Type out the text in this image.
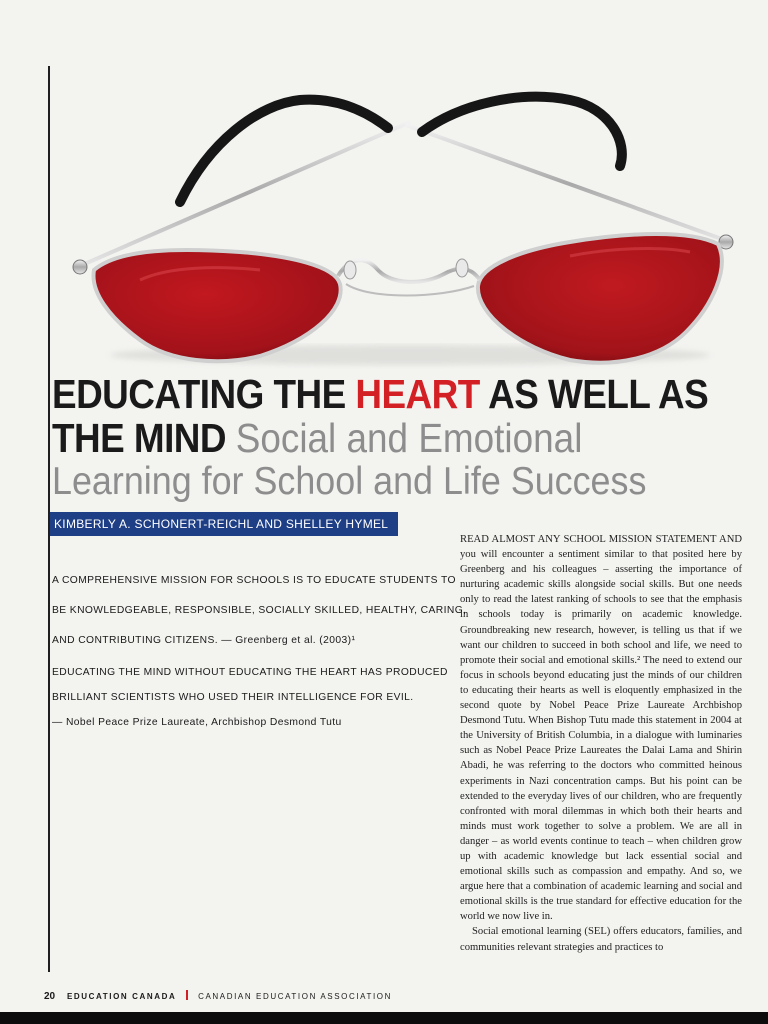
EDUCATING THE HEART AS WELL AS
THE MIND Social and Emotional
Learning for School and Life Success
KIMBERLY A. SCHONERT-REICHL AND SHELLEY HYMEL
A COMPREHENSIVE MISSION FOR SCHOOLS IS TO EDUCATE STUDENTS TO
BE KNOWLEDGEABLE, RESPONSIBLE, SOCIALLY SKILLED, HEALTHY, CARING,
AND CONTRIBUTING CITIZENS. — Greenberg et al. (2003)¹
EDUCATING THE MIND WITHOUT EDUCATING THE HEART HAS PRODUCED
BRILLIANT SCIENTISTS WHO USED THEIR INTELLIGENCE FOR EVIL.
— Nobel Peace Prize Laureate, Archbishop Desmond Tutu

READ ALMOST ANY SCHOOL MISSION STATEMENT AND you will encounter a sentiment similar to that posited here by Greenberg and his colleagues – asserting the importance of nurturing academic skills alongside social skills. But one needs only to read the latest ranking of schools to see that the emphasis in schools today is primarily on academic knowledge. Groundbreaking new research, however, is telling us that if we want our children to succeed in both school and life, we need to promote their social and emotional skills.² The need to extend our focus in schools beyond educating just the minds of our children to educating their hearts as well is eloquently emphasized in the second quote by Nobel Peace Prize Laureate Archbishop Desmond Tutu. When Bishop Tutu made this statement in 2004 at the University of British Columbia, in a dialogue with luminaries such as Nobel Peace Prize Laureates the Dalai Lama and Shirin Abadi, he was referring to the doctors who committed heinous experiments in Nazi concentration camps. But his point can be extended to the everyday lives of our children, who are frequently confronted with moral dilemmas in which both their hearts and minds must work together to solve a problem. We are all in danger – as world events continue to teach – when children grow up with academic knowledge but lack essential social and emotional skills such as compassion and empathy. And so, we argue here that a combination of academic learning and social and emotional skills is the true standard for effective education for the world we now live in.

Social emotional learning (SEL) offers educators, families, and communities relevant strategies and practices to

20 EDUCATION CANADA	CANADIAN EDUCATION ASSOCIATION
